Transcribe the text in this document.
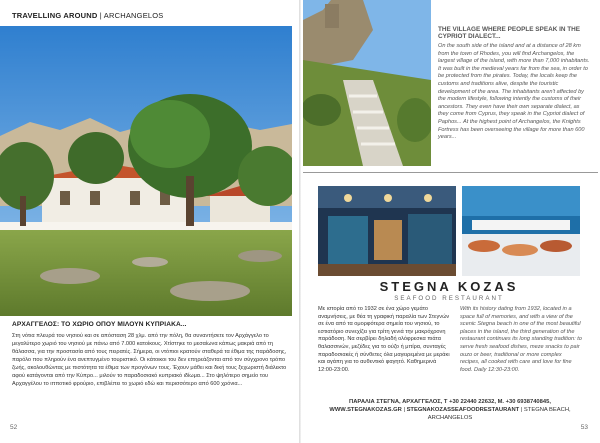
TRAVELLING AROUND | ARCHANGELOS
ΑΡΧΑΓΓΕΛΟΣ: ΤΟ ΧΩΡΙΟ ΟΠΟΥ ΜΙΛΟΥΝ ΚΥΠΡΙΑΚΑ...
Στη νότια πλευρά του νησιού και σε απόσταση 28 χλμ. από την πόλη, θα συναντήσετε τον Αρχάγγελο το μεγαλύτερο χωριό του νησιού με πάνω από 7.000 κατοίκους. Χτίστηκε το μεσαίωνα κάπως μακριά από τη θάλασσα, για την προστασία από τους πειρατές. Σήμερα, οι ντόπιοι κρατούν σταθερά τα έθιμα της παράδοσης, παρόλο που πληρούν ένα ανεπτυγμένο τουριστικό. Οι κάτοικοι του δεν επηρεάζονται από τον σύγχρονο τρόπο ζωής, ακολουθώντας με πιστότητα τα έθιμα των προγόνων τους. Έχουν μάθει και δική τους ξεχωριστή διάλεκτο αφού κατάγονται από την Κύπρο... μιλούν το παραδοσιακό κυπριακό ιδίωμα... Στο ψηλότερο σημείο του Αρχαγγέλου το ιπποτικό φρούριο, επιβλέπει το χωριό εδώ και περισσότερο από 600 χρόνια...
52
THE VILLAGE WHERE PEOPLE SPEAK IN THE CYPRIOT DIALECT...
On the south side of the island and at a distance of 28 km from the town of Rhodes, you will find Archangelos, the largest village of the island, with more than 7,000 inhabitants. It was built in the medieval years far from the sea, in order to be protected from the pirates. Today, the locals keep the customs and traditions alive, despite the touristic development of the area. The inhabitants aren't affected by the modern lifestyle, following intently the customs of their ancestors. They even have their own separate dialect, as they come from Cyprus, they speak in the Cypriot dialect of Paphos... At the highest point of Archangelos, the Knights Fortress has been overseeing the village for more than 600 years...
STEGNA KOZAS
SEAFOOD RESTAURANT
Με ιστορία από το 1932 σε ένα χώρο γεμάτο αναμνήσεις, με θέα τη γραφική παραλία των Στεγνών σε ένα από τα ομορφότερα σημεία του νησιού, το εστιατόριο συνεχίζει για τρίτη γενιά την μακρόχρονη παράδοση. Να σερβίρει δηλαδή ολόφρεσκα πιάτα θαλασσινών, μεζέδες για το ούζο ή μπίρα, συνταγές παραδοσιακές ή σύνθετες όλα μαγειρεμένα με μεράκι και αγάπη για το αυθεντικό φαγητό. Καθημερινά 12:00-23:00.
With its history dating from 1932, located in a space full of memories, and with a view of the scenic Stegna beach in one of the most beautiful places in the island, the third generation of the restaurant continues its long standing tradition: to serve fresh seafood dishes, meze snacks to pair ouzo or beer, traditional or more complex recipes, all cooked with care and love for fine food. Daily 12:30-23:00.
ΠΑΡΑΛΙΑ ΣΤΕΓΝΑ, ΑΡΧΑΓΓΕΛΟΣ, Τ +30 22440 22632, Μ. +30 6938740845,
WWW.STEGNAKOZAS.GR | STEGNAKOZASSEAFOODRESTAURANT | STEGNA BEACH, ARCHANGELOS
53
